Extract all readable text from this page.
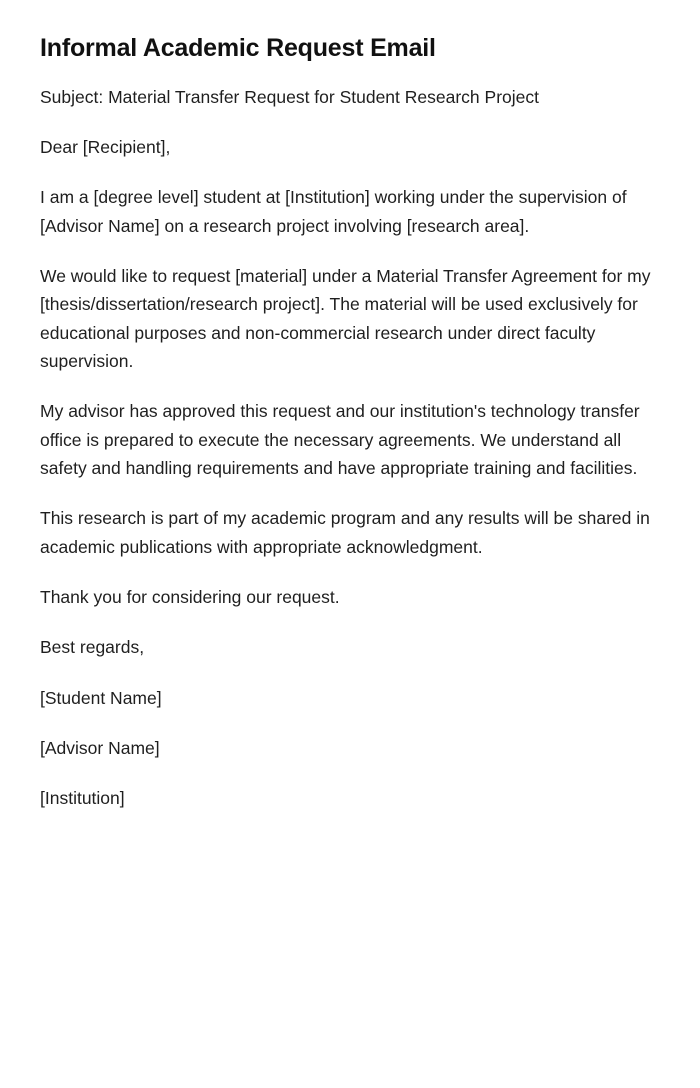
Informal Academic Request Email

Subject: Material Transfer Request for Student Research Project

Dear [Recipient],

I am a [degree level] student at [Institution] working under the supervision of [Advisor Name] on a research project involving [research area].

We would like to request [material] under a Material Transfer Agreement for my [thesis/dissertation/research project]. The material will be used exclusively for educational purposes and non-commercial research under direct faculty supervision.

My advisor has approved this request and our institution's technology transfer office is prepared to execute the necessary agreements. We understand all safety and handling requirements and have appropriate training and facilities.

This research is part of my academic program and any results will be shared in academic publications with appropriate acknowledgment.

Thank you for considering our request.

Best regards,

[Student Name]

[Advisor Name]

[Institution]
